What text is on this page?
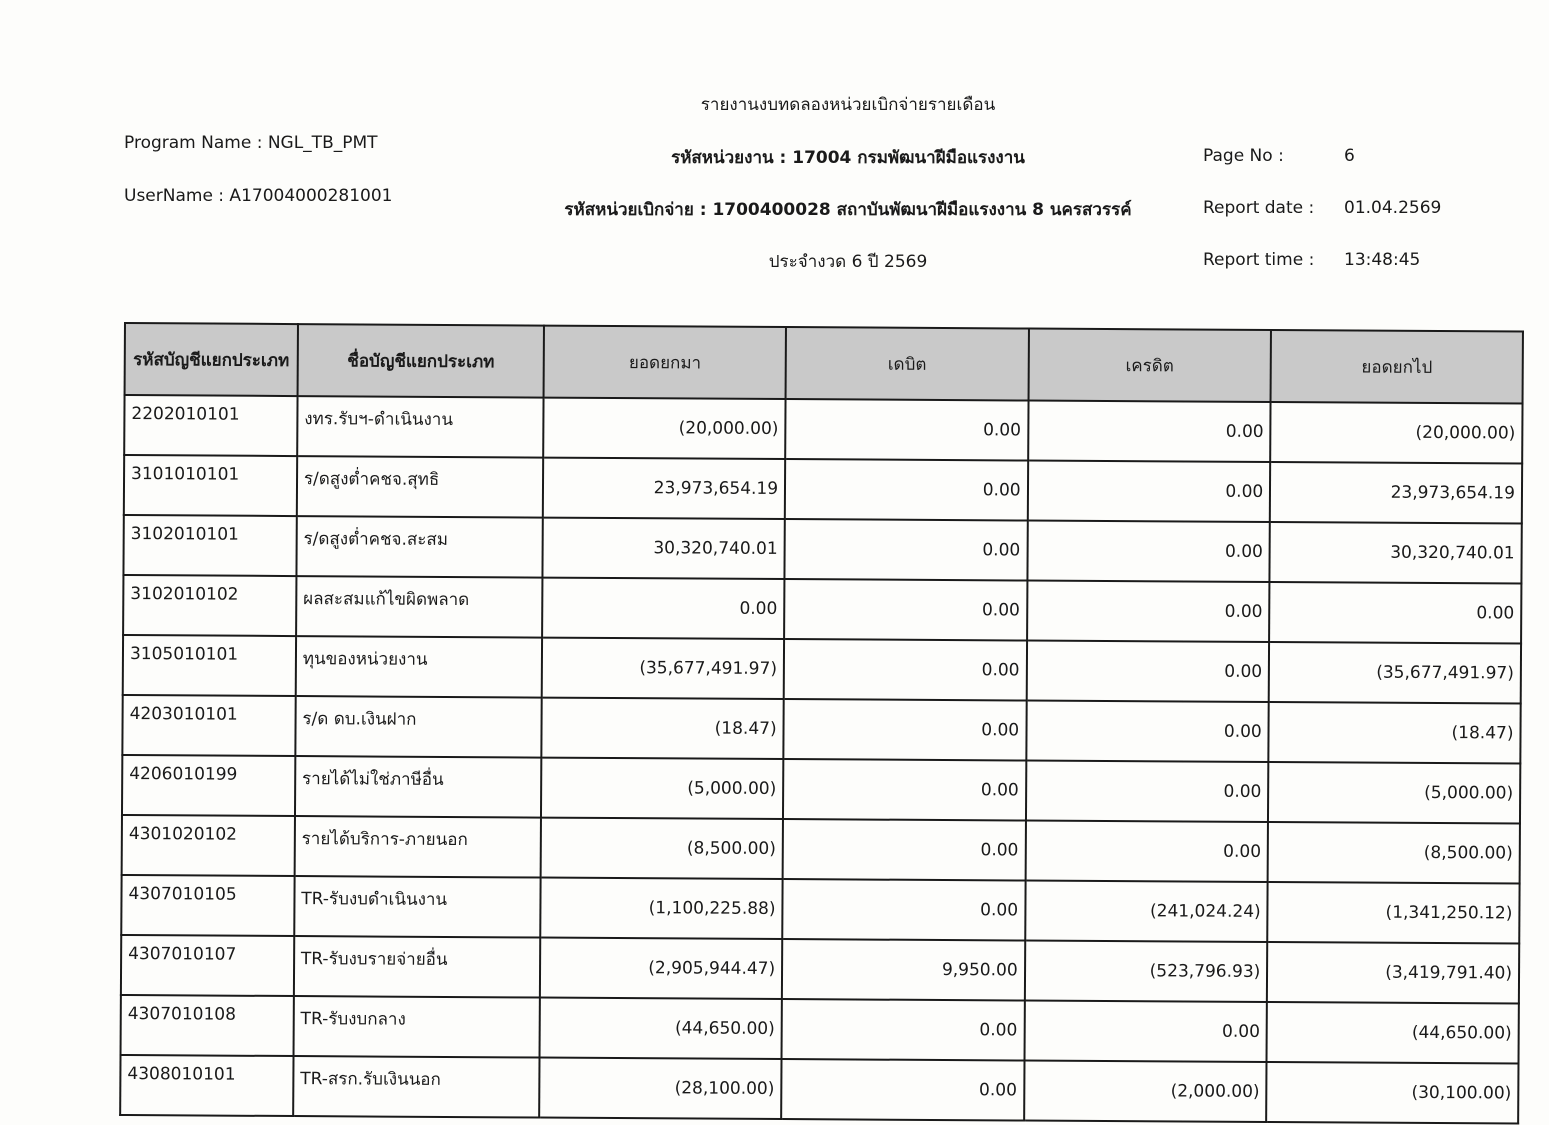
Program Name : NGL_TB_PMT
UserName : A17004000281001
รายงานงบทดลองหน่วยเบิกจ่ายรายเดือน
รหัสหน่วยงาน : 17004 กรมพัฒนาฝีมือแรงงาน
รหัสหน่วยเบิกจ่าย : 1700400028 สถาบันพัฒนาฝีมือแรงงาน 8 นครสวรรค์
ประจำงวด 6 ปี 2569
Page No :	6
Report date : 01.04.2569
Report time : 13:48:45
รหัสบัญชีแยกประเภท	ชื่อบัญชีแยกประเภท	ยอดยกมา	เดบิต	เครดิต	ยอดยกไป
2202010101	งทร.รับฯ-ดำเนินงาน	(20,000.00)	0.00	0.00	(20,000.00)
3101010101	ร/ดสูงต่ำคชจ.สุทธิ	23,973,654.19	0.00	0.00	23,973,654.19
3102010101	ร/ดสูงต่ำคชจ.สะสม	30,320,740.01	0.00	0.00	30,320,740.01
3102010102	ผลสะสมแก้ไขผิดพลาด	0.00	0.00	0.00	0.00
3105010101	ทุนของหน่วยงาน	(35,677,491.97)	0.00	0.00	(35,677,491.97)
4203010101	ร/ด ดบ.เงินฝาก	(18.47)	0.00	0.00	(18.47)
4206010199	รายได้ไม่ใช่ภาษีอื่น	(5,000.00)	0.00	0.00	(5,000.00)
4301020102	รายได้บริการ-ภายนอก	(8,500.00)	0.00	0.00	(8,500.00)
4307010105	TR-รับงบดำเนินงาน	(1,100,225.88)	0.00	(241,024.24)	(1,341,250.12)
4307010107	TR-รับงบรายจ่ายอื่น	(2,905,944.47)	9,950.00	(523,796.93)	(3,419,791.40)
4307010108	TR-รับงบกลาง	(44,650.00)	0.00	0.00	(44,650.00)
4308010101	TR-สรก.รับเงินนอก	(28,100.00)	0.00	(2,000.00)	(30,100.00)
